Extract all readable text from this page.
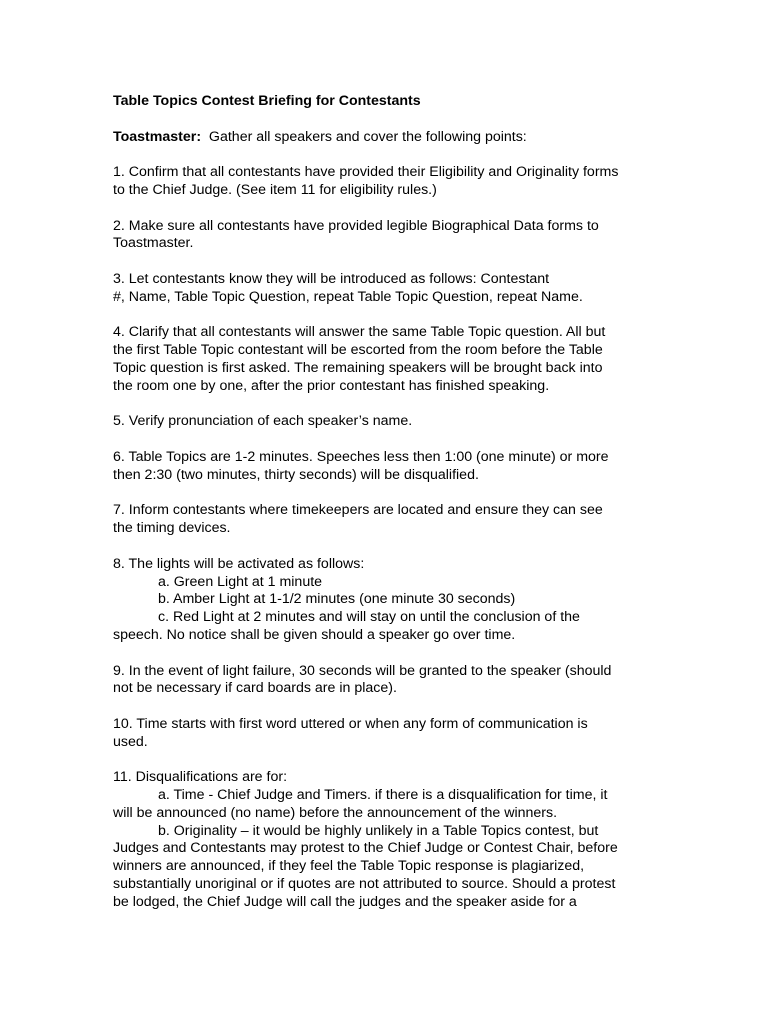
Table Topics Contest Briefing for Contestants
Toastmaster:  Gather all speakers and cover the following points:
1. Confirm that all contestants have provided their Eligibility and Originality forms
to the Chief Judge. (See item 11 for eligibility rules.)
2. Make sure all contestants have provided legible Biographical Data forms to
Toastmaster.
3. Let contestants know they will be introduced as follows: Contestant
#, Name, Table Topic Question, repeat Table Topic Question, repeat Name.
4. Clarify that all contestants will answer the same Table Topic question. All but
the first Table Topic contestant will be escorted from the room before the Table
Topic question is first asked. The remaining speakers will be brought back into
the room one by one, after the prior contestant has finished speaking.
5. Verify pronunciation of each speaker’s name.
6. Table Topics are 1-2 minutes. Speeches less then 1:00 (one minute) or more
then 2:30 (two minutes, thirty seconds) will be disqualified.
7. Inform contestants where timekeepers are located and ensure they can see
the timing devices.
8. The lights will be activated as follows:
a. Green Light at 1 minute
b. Amber Light at 1-1/2 minutes (one minute 30 seconds)
c. Red Light at 2 minutes and will stay on until the conclusion of the
speech. No notice shall be given should a speaker go over time.
9. In the event of light failure, 30 seconds will be granted to the speaker (should
not be necessary if card boards are in place).
10. Time starts with first word uttered or when any form of communication is
used.
11. Disqualifications are for:
a. Time - Chief Judge and Timers. if there is a disqualification for time, it
will be announced (no name) before the announcement of the winners.
b. Originality – it would be highly unlikely in a Table Topics contest, but
Judges and Contestants may protest to the Chief Judge or Contest Chair, before
winners are announced, if they feel the Table Topic response is plagiarized,
substantially unoriginal or if quotes are not attributed to source. Should a protest
be lodged, the Chief Judge will call the judges and the speaker aside for a
